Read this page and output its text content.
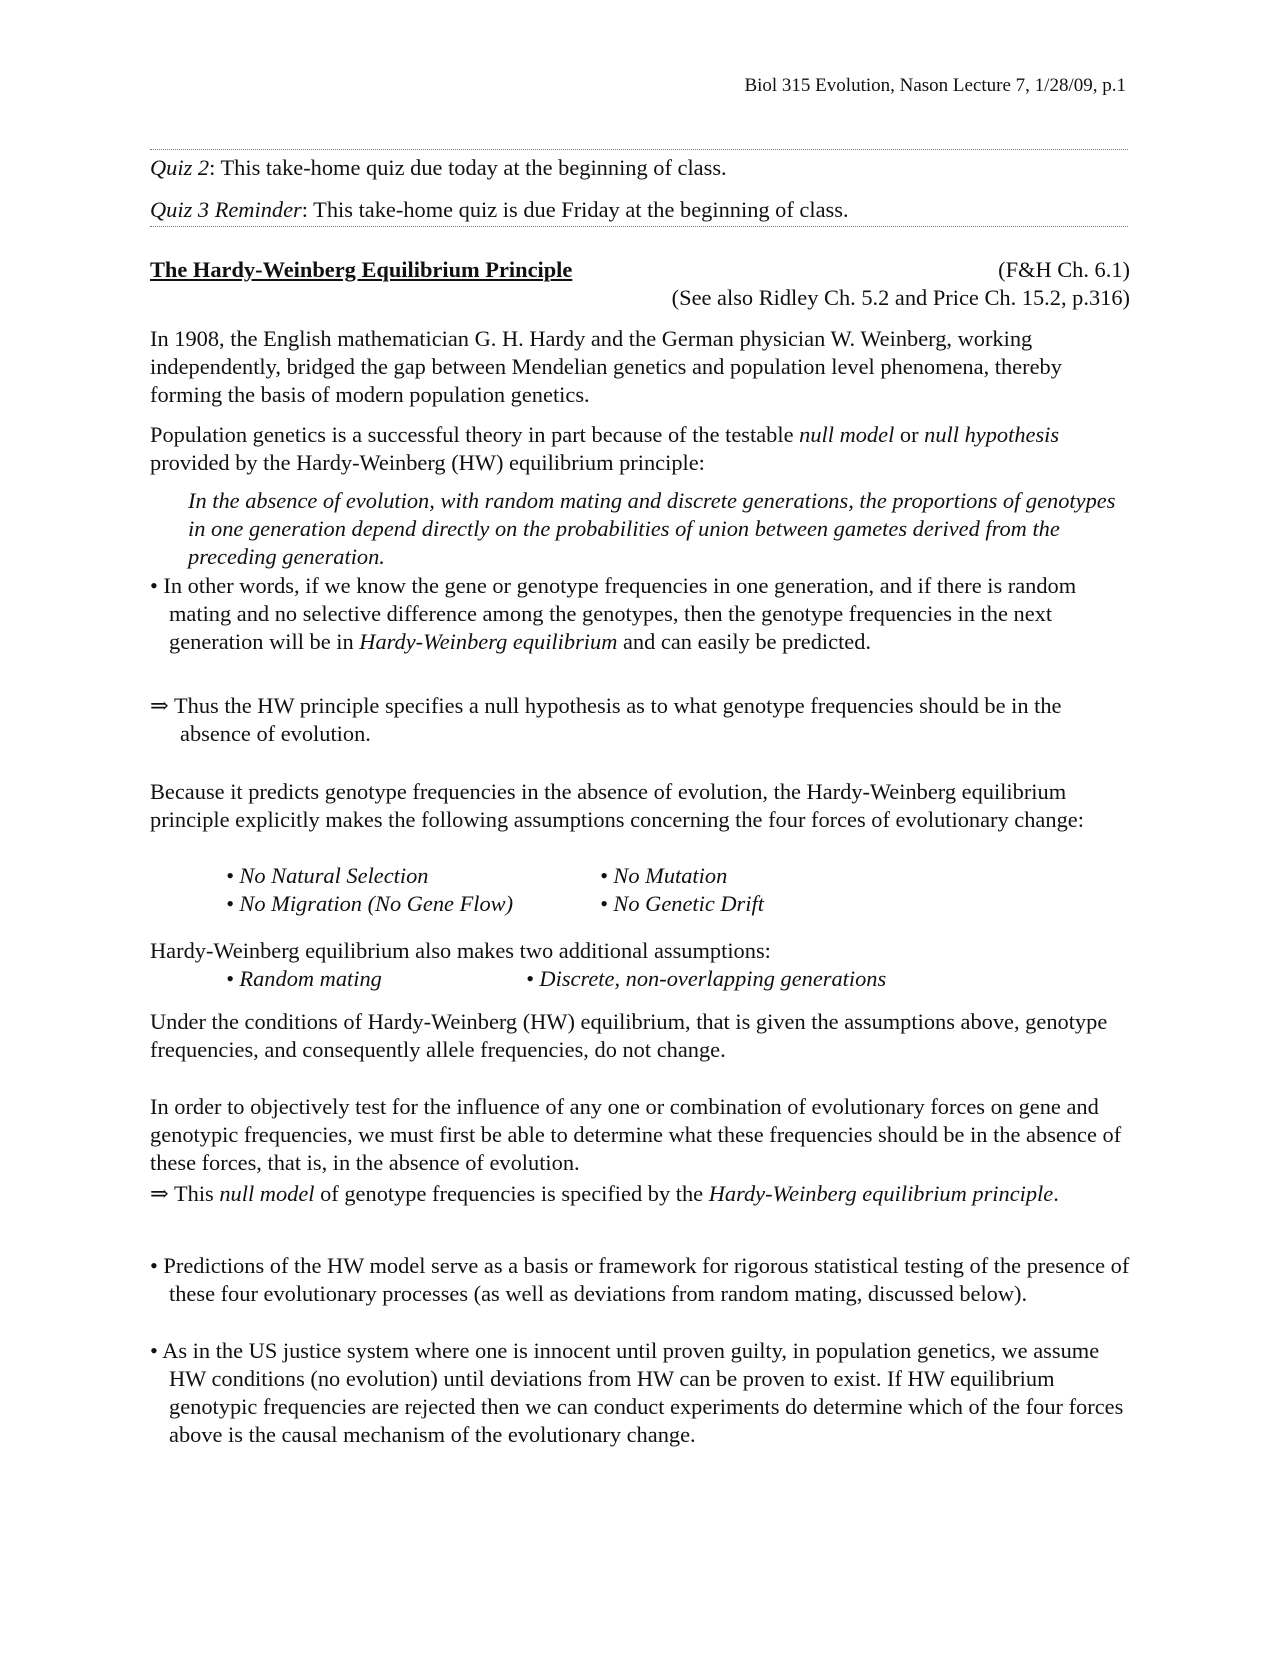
Biol 315 Evolution, Nason Lecture 7, 1/28/09, p.1

Quiz 2: This take-home quiz due today at the beginning of class.

Quiz 3 Reminder: This take-home quiz is due Friday at the beginning of class.

The Hardy-Weinberg Equilibrium Principle	(F&H Ch. 6.1)
(See also Ridley Ch. 5.2 and Price Ch. 15.2, p.316)

In 1908, the English mathematician G. H. Hardy and the German physician W. Weinberg, working independently, bridged the gap between Mendelian genetics and population level phenomena, thereby forming the basis of modern population genetics.

Population genetics is a successful theory in part because of the testable null model or null hypothesis provided by the Hardy-Weinberg (HW) equilibrium principle:

In the absence of evolution, with random mating and discrete generations, the proportions of genotypes in one generation depend directly on the probabilities of union between gametes derived from the preceding generation.

• In other words, if we know the gene or genotype frequencies in one generation, and if there is random mating and no selective difference among the genotypes, then the genotype frequencies in the next generation will be in Hardy-Weinberg equilibrium and can easily be predicted.

⇒ Thus the HW principle specifies a null hypothesis as to what genotype frequencies should be in the absence of evolution.

Because it predicts genotype frequencies in the absence of evolution, the Hardy-Weinberg equilibrium principle explicitly makes the following assumptions concerning the four forces of evolutionary change:

• No Natural Selection	• No Mutation
• No Migration (No Gene Flow)	• No Genetic Drift

Hardy-Weinberg equilibrium also makes two additional assumptions:

• Random mating	• Discrete, non-overlapping generations

Under the conditions of Hardy-Weinberg (HW) equilibrium, that is given the assumptions above, genotype frequencies, and consequently allele frequencies, do not change.

In order to objectively test for the influence of any one or combination of evolutionary forces on gene and genotypic frequencies, we must first be able to determine what these frequencies should be in the absence of these forces, that is, in the absence of evolution.

⇒ This null model of genotype frequencies is specified by the Hardy-Weinberg equilibrium principle.

• Predictions of the HW model serve as a basis or framework for rigorous statistical testing of the presence of these four evolutionary processes (as well as deviations from random mating, discussed below).

• As in the US justice system where one is innocent until proven guilty, in population genetics, we assume HW conditions (no evolution) until deviations from HW can be proven to exist. If HW equilibrium genotypic frequencies are rejected then we can conduct experiments do determine which of the four forces above is the causal mechanism of the evolutionary change.
